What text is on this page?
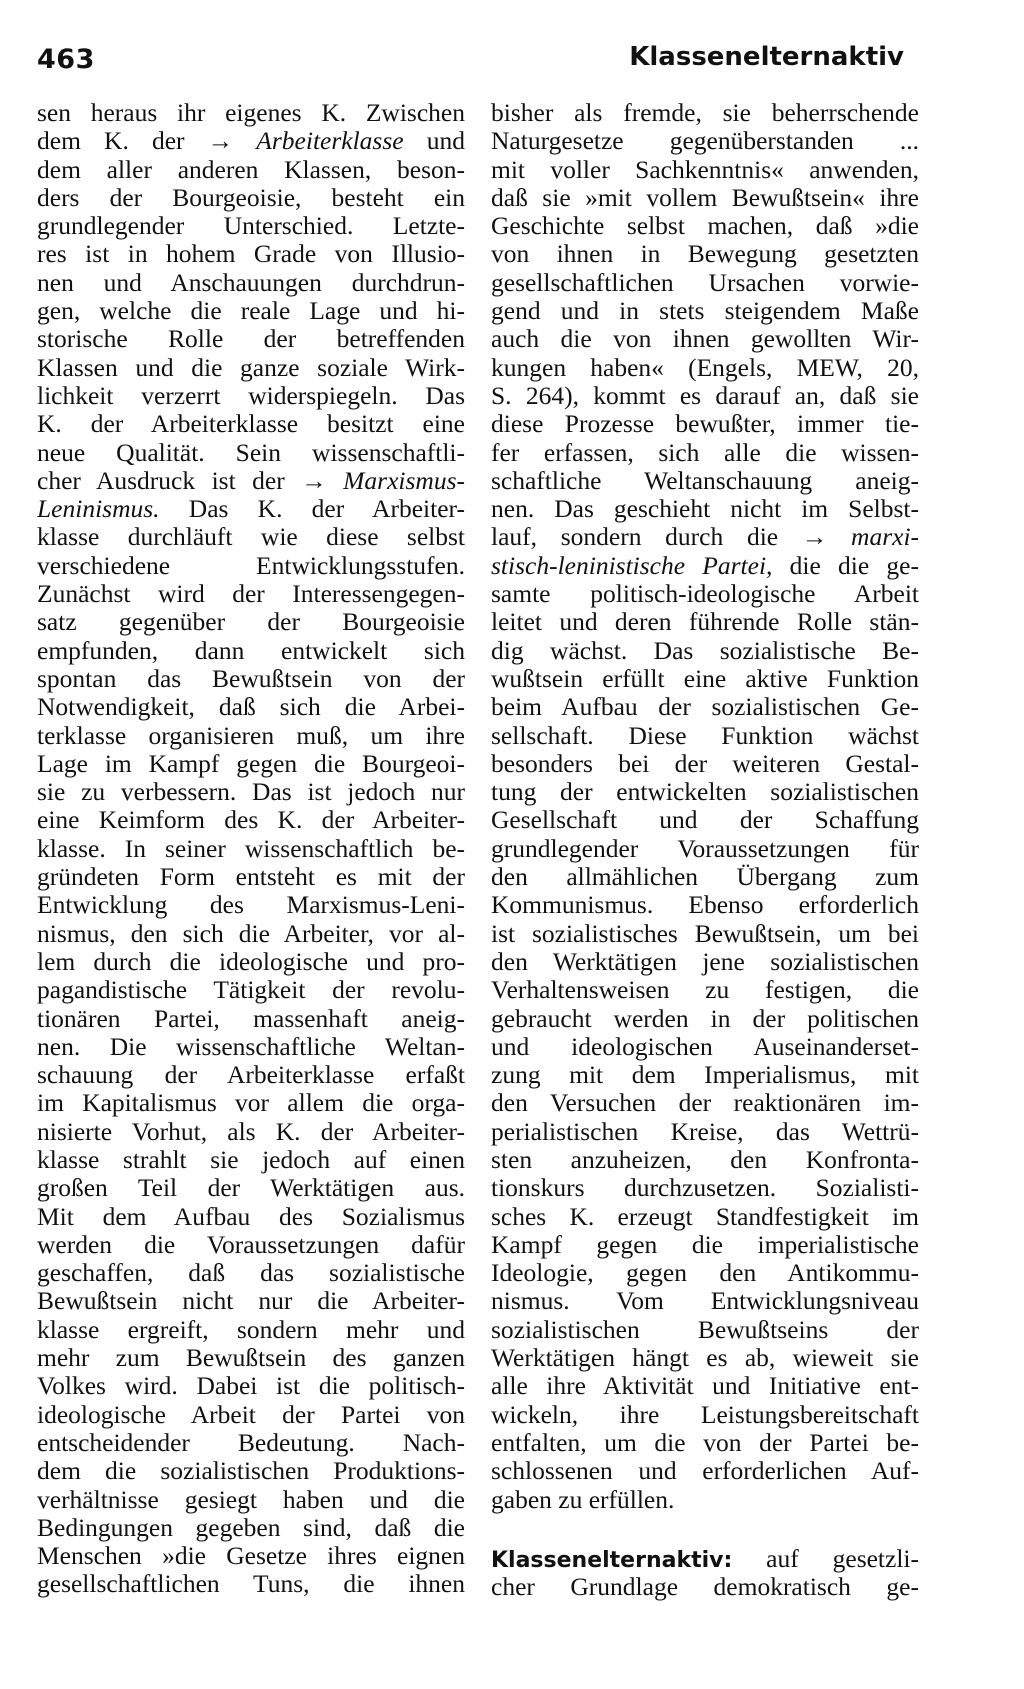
463	Klassenelternaktiv
sen heraus ihr eigenes K. Zwischen
dem K. der → Arbeiterklasse und
dem aller anderen Klassen, beson-
ders der Bourgeoisie, besteht ein
grundlegender Unterschied. Letzte-
res ist in hohem Grade von Illusio-
nen und Anschauungen durchdrun-
gen, welche die reale Lage und hi-
storische Rolle der betreffenden
Klassen und die ganze soziale Wirk-
lichkeit verzerrt widerspiegeln. Das
K. der Arbeiterklasse besitzt eine
neue Qualität. Sein wissenschaftli-
cher Ausdruck ist der → Marxismus-
Leninismus. Das K. der Arbeiter-
klasse durchläuft wie diese selbst
verschiedene Entwicklungsstufen.
Zunächst wird der Interessengegen-
satz gegenüber der Bourgeoisie
empfunden, dann entwickelt sich
spontan das Bewußtsein von der
Notwendigkeit, daß sich die Arbei-
terklasse organisieren muß, um ihre
Lage im Kampf gegen die Bourgeoi-
sie zu verbessern. Das ist jedoch nur
eine Keimform des K. der Arbeiter-
klasse. In seiner wissenschaftlich be-
gründeten Form entsteht es mit der
Entwicklung des Marxismus-Leni-
nismus, den sich die Arbeiter, vor al-
lem durch die ideologische und pro-
pagandistische Tätigkeit der revolu-
tionären Partei, massenhaft aneig-
nen. Die wissenschaftliche Weltan-
schauung der Arbeiterklasse erfaßt
im Kapitalismus vor allem die orga-
nisierte Vorhut, als K. der Arbeiter-
klasse strahlt sie jedoch auf einen
großen Teil der Werktätigen aus.
Mit dem Aufbau des Sozialismus
werden die Voraussetzungen dafür
geschaffen, daß das sozialistische
Bewußtsein nicht nur die Arbeiter-
klasse ergreift, sondern mehr und
mehr zum Bewußtsein des ganzen
Volkes wird. Dabei ist die politisch-
ideologische Arbeit der Partei von
entscheidender Bedeutung. Nach-
dem die sozialistischen Produktions-
verhältnisse gesiegt haben und die
Bedingungen gegeben sind, daß die
Menschen »die Gesetze ihres eignen
gesellschaftlichen Tuns, die ihnen
bisher als fremde, sie beherrschende
Naturgesetze gegenüberstanden ...
mit voller Sachkenntnis« anwenden,
daß sie »mit vollem Bewußtsein« ihre
Geschichte selbst machen, daß »die
von ihnen in Bewegung gesetzten
gesellschaftlichen Ursachen vorwie-
gend und in stets steigendem Maße
auch die von ihnen gewollten Wir-
kungen haben« (Engels, MEW, 20,
S. 264), kommt es darauf an, daß sie
diese Prozesse bewußter, immer tie-
fer erfassen, sich alle die wissen-
schaftliche Weltanschauung aneig-
nen. Das geschieht nicht im Selbst-
lauf, sondern durch die → marxi-
stisch-leninistische Partei, die die ge-
samte politisch-ideologische Arbeit
leitet und deren führende Rolle stän-
dig wächst. Das sozialistische Be-
wußtsein erfüllt eine aktive Funktion
beim Aufbau der sozialistischen Ge-
sellschaft. Diese Funktion wächst
besonders bei der weiteren Gestal-
tung der entwickelten sozialistischen
Gesellschaft und der Schaffung
grundlegender Voraussetzungen für
den allmählichen Übergang zum
Kommunismus. Ebenso erforderlich
ist sozialistisches Bewußtsein, um bei
den Werktätigen jene sozialistischen
Verhaltensweisen zu festigen, die
gebraucht werden in der politischen
und ideologischen Auseinanderset-
zung mit dem Imperialismus, mit
den Versuchen der reaktionären im-
perialistischen Kreise, das Wettrü-
sten anzuheizen, den Konfronta-
tionskurs durchzusetzen. Sozialisti-
sches K. erzeugt Standfestigkeit im
Kampf gegen die imperialistische
Ideologie, gegen den Antikommu-
nismus. Vom Entwicklungsniveau
sozialistischen Bewußtseins der
Werktätigen hängt es ab, wieweit sie
alle ihre Aktivität und Initiative ent-
wickeln, ihre Leistungsbereitschaft
entfalten, um die von der Partei be-
schlossenen und erforderlichen Auf-
gaben zu erfüllen.
Klassenelternaktiv: auf gesetzli-
cher Grundlage demokratisch ge-
